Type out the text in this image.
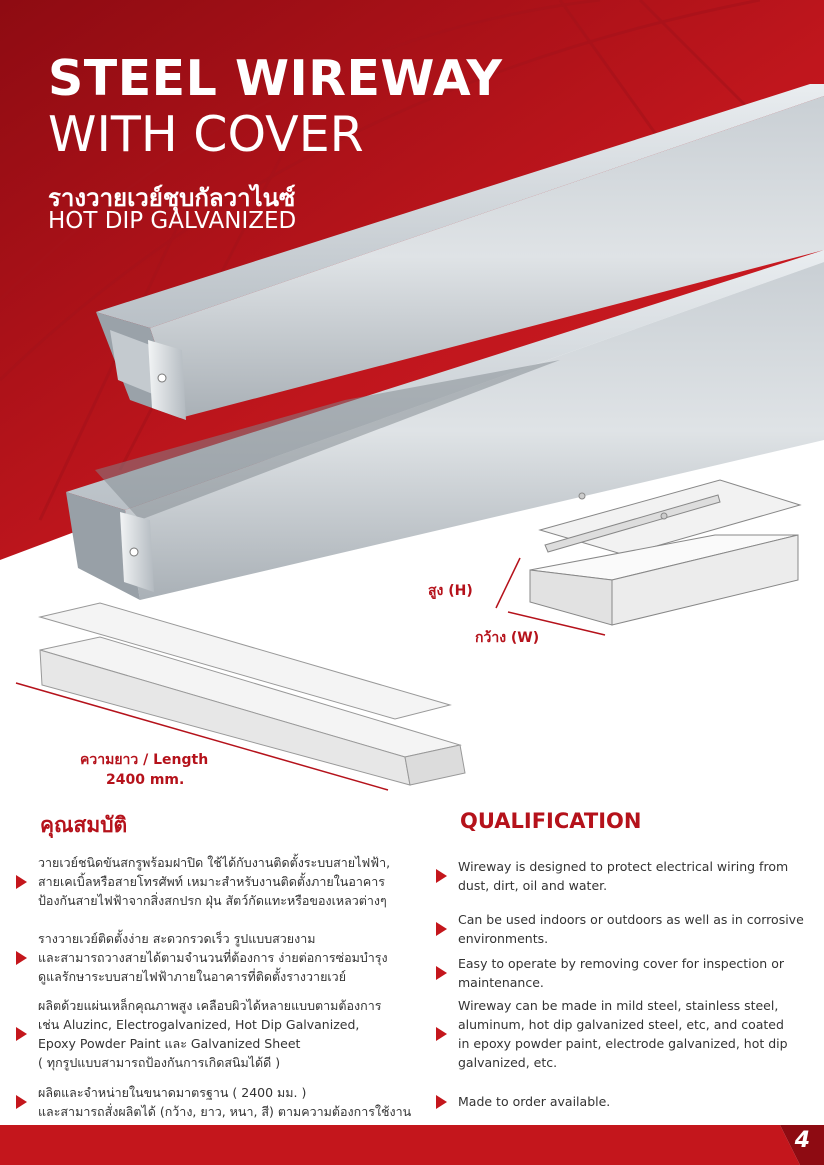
STEEL WIREWAY
WITH COVER
รางวายเวย์ชุบกัลวาไนซ์
HOT DIP GALVANIZED
สูง (H)
กว้าง (W)
ความยาว / Length
2400 mm.
คุณสมบัติ	QUALIFICATION
วายเวย์ชนิดขันสกรูพร้อมฝาปิด ใช้ได้กับงานติดตั้งระบบสายไฟฟ้า,
สายเคเบิ้ลหรือสายโทรศัพท์ เหมาะสำหรับงานติดตั้งภายในอาคาร
ป้องกันสายไฟฟ้าจากสิ่งสกปรก ฝุ่น สัตว์กัดแทะหรือของเหลวต่างๆ
รางวายเวย์ติดตั้งง่าย สะดวกรวดเร็ว รูปแบบสวยงาม
และสามารถวางสายได้ตามจำนวนที่ต้องการ ง่ายต่อการซ่อมบำรุง
ดูแลรักษาระบบสายไฟฟ้าภายในอาคารที่ติดตั้งรางวายเวย์
ผลิตด้วยแผ่นเหล็กคุณภาพสูง เคลือบผิวได้หลายแบบตามต้องการ
เช่น Aluzinc, Electrogalvanized, Hot Dip Galvanized,
Epoxy Powder Paint และ Galvanized Sheet
( ทุกรูปแบบสามารถป้องกันการเกิดสนิมได้ดี )
ผลิตและจำหน่ายในขนาดมาตรฐาน ( 2400 มม. )
และสามารถสั่งผลิตได้ (กว้าง, ยาว, หนา, สี) ตามความต้องการใช้งาน
Wireway is designed to protect electrical wiring from
dust, dirt, oil and water.
Can be used indoors or outdoors as well as in corrosive
environments.
Easy to operate by removing cover for inspection or
maintenance.
Wireway can be made in mild steel, stainless steel,
aluminum, hot dip galvanized steel, etc, and coated
in epoxy powder paint, electrode galvanized, hot dip
galvanized, etc.
Made to order available.
4
